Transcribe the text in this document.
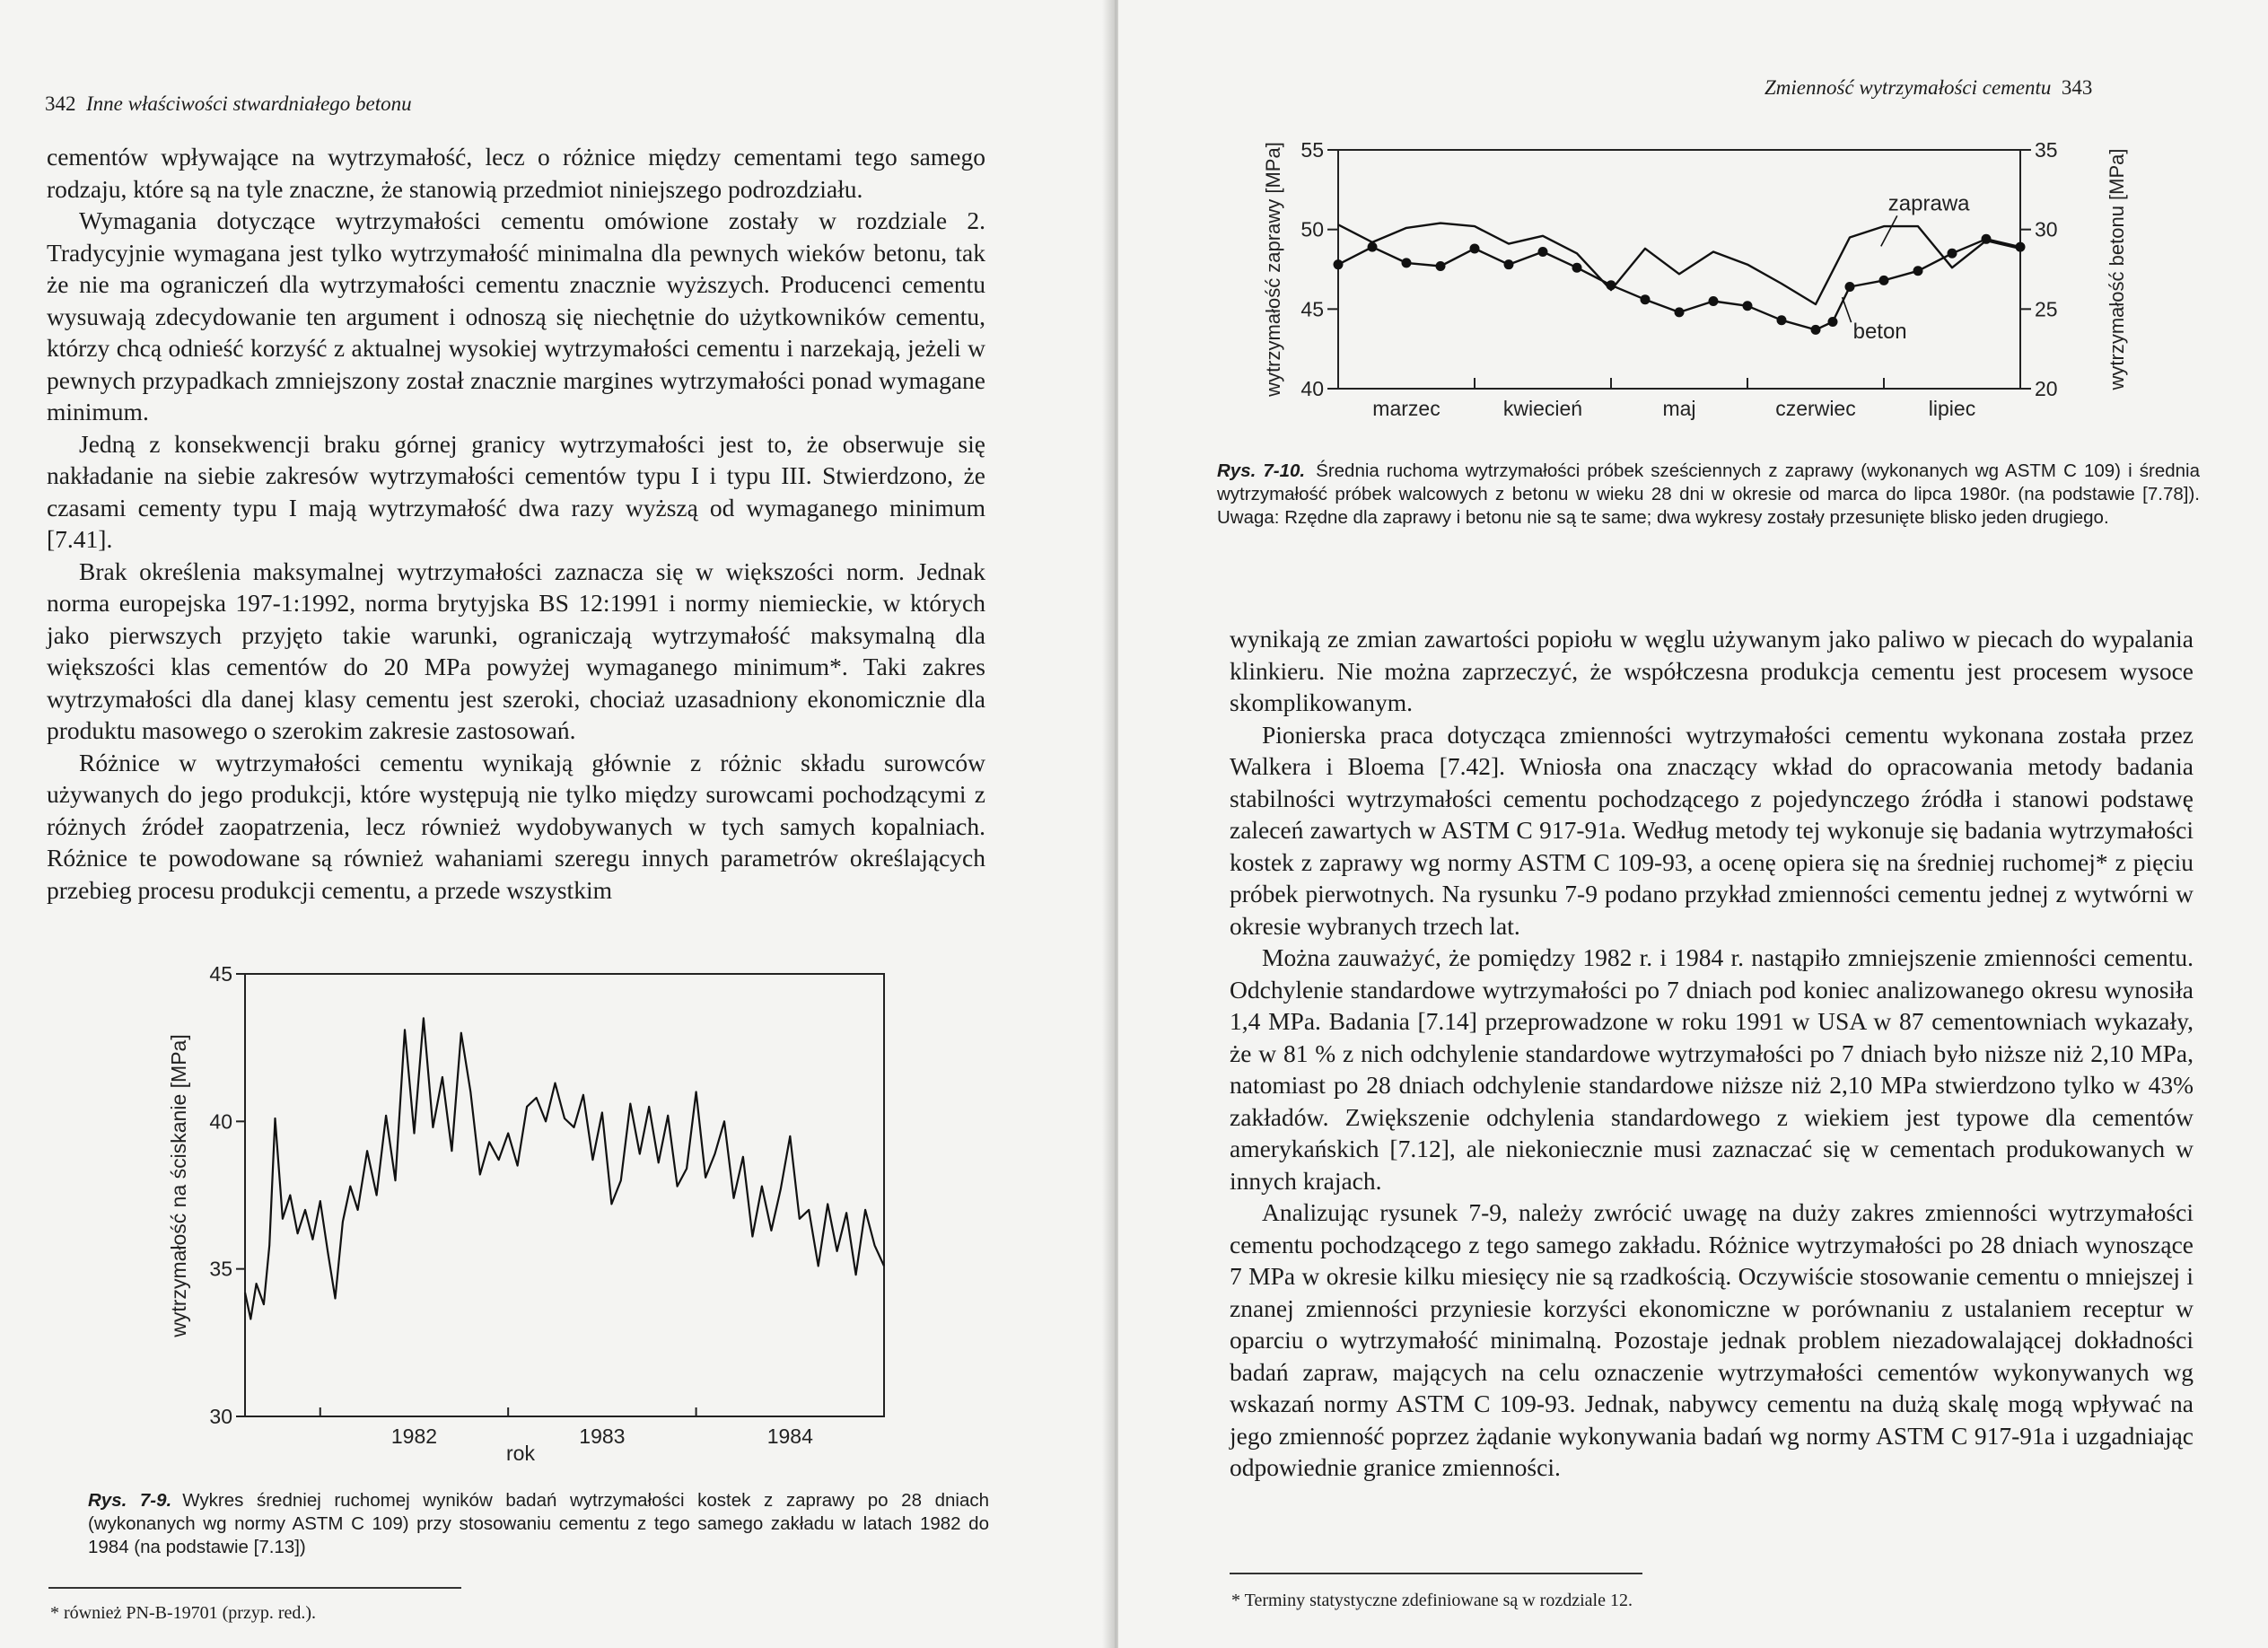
342 Inne właściwości stwardniałego betonu

cementów wpływające na wytrzymałość, lecz o różnice między cementami tego samego rodzaju, które są na tyle znaczne, że stanowią przedmiot niniejszego podrozdziału.

Wymagania dotyczące wytrzymałości cementu omówione zostały w rozdziale 2. Tradycyjnie wymagana jest tylko wytrzymałość minimalna dla pewnych wieków betonu, tak że nie ma ograniczeń dla wytrzymałości cementu znacznie wyższych. Producenci cementu wysuwają zdecydowanie ten argument i odnoszą się niechętnie do użytkowników cementu, którzy chcą odnieść korzyść z aktualnej wysokiej wytrzymałości cementu i narzekają, jeżeli w pewnych przypadkach zmniejszony został znacznie margines wytrzymałości ponad wymagane minimum.

Jedną z konsekwencji braku górnej granicy wytrzymałości jest to, że obserwuje się nakładanie na siebie zakresów wytrzymałości cementów typu I i typu III. Stwierdzono, że czasami cementy typu I mają wytrzymałość dwa razy wyższą od wymaganego minimum [7.41].

Brak określenia maksymalnej wytrzymałości zaznacza się w większości norm. Jednak norma europejska 197-1:1992, norma brytyjska BS 12:1991 i normy niemieckie, w których jako pierwszych przyjęto takie warunki, ograniczają wytrzymałość maksymalną dla większości klas cementów do 20 MPa powyżej wymaganego minimum*. Taki zakres wytrzymałości dla danej klasy cementu jest szeroki, chociaż uzasadniony ekonomicznie dla produktu masowego o szerokim zakresie zastosowań.

Różnice w wytrzymałości cementu wynikają głównie z różnic składu surowców używanych do jego produkcji, które występują nie tylko między surowcami pochodzącymi z różnych źródeł zaopatrzenia, lecz również wydobywanych w tych samych kopalniach. Różnice te powodowane są również wahaniami szeregu innych parametrów określających przebieg procesu produkcji cementu, a przede wszystkim

30
35
40
45
1982	1983	1984
wytrzymałość na ściskanie [MPa]
rok
Rys. 7-9. Wykres średniej ruchomej wyników badań wytrzymałości kostek z zaprawy po 28 dniach (wykonanych wg normy ASTM C 109) przy stosowaniu cementu z tego samego zakładu w latach 1982 do 1984 (na podstawie [7.13])
* również PN-B-19701 (przyp. red.).
Zmienność wytrzymałości cementu 343
40
45
50
55
20
25
30
35
marzec	kwiecień	maj	czerwiec	lipiec
zaprawa
beton
wytrzymałość zaprawy [MPa]	wytrzymałość betonu [MPa]
Rys. 7-10. Średnia ruchoma wytrzymałości próbek sześciennych z zaprawy (wykonanych wg ASTM C 109) i średnia wytrzymałość próbek walcowych z betonu w wieku 28 dni w okresie od marca do lipca 1980r. (na podstawie [7.78]). Uwaga: Rzędne dla zaprawy i betonu nie są te same; dwa wykresy zostały przesunięte blisko jeden drugiego.

wynikają ze zmian zawartości popiołu w węglu używanym jako paliwo w piecach do wypalania klinkieru. Nie można zaprzeczyć, że współczesna produkcja cementu jest procesem wysoce skomplikowanym.

Pionierska praca dotycząca zmienności wytrzymałości cementu wykonana została przez Walkera i Bloema [7.42]. Wniosła ona znaczący wkład do opracowania metody badania stabilności wytrzymałości cementu pochodzącego z pojedynczego źródła i stanowi podstawę zaleceń zawartych w ASTM C 917-91a. Według metody tej wykonuje się badania wytrzymałości kostek z zaprawy wg normy ASTM C 109-93, a ocenę opiera się na średniej ruchomej* z pięciu próbek pierwotnych. Na rysunku 7-9 podano przykład zmienności cementu jednej z wytwórni w okresie wybranych trzech lat.

Można zauważyć, że pomiędzy 1982 r. i 1984 r. nastąpiło zmniejszenie zmienności cementu. Odchylenie standardowe wytrzymałości po 7 dniach pod koniec analizowanego okresu wynosiła 1,4 MPa. Badania [7.14] przeprowadzone w roku 1991 w USA w 87 cementowniach wykazały, że w 81 % z nich odchylenie standardowe wytrzymałości po 7 dniach było niższe niż 2,10 MPa, natomiast po 28 dniach odchylenie standardowe niższe niż 2,10 MPa stwierdzono tylko w 43% zakładów. Zwiększenie odchylenia standardowego z wiekiem jest typowe dla cementów amerykańskich [7.12], ale niekoniecznie musi zaznaczać się w cementach produkowanych w innych krajach.

Analizując rysunek 7-9, należy zwrócić uwagę na duży zakres zmienności wytrzymałości cementu pochodzącego z tego samego zakładu. Różnice wytrzymałości po 28 dniach wynoszące 7 MPa w okresie kilku miesięcy nie są rzadkością. Oczywiście stosowanie cementu o mniejszej i znanej zmienności przyniesie korzyści ekonomiczne w porównaniu z ustalaniem receptur w oparciu o wytrzymałość minimalną. Pozostaje jednak problem niezadowalającej dokładności badań zapraw, mających na celu oznaczenie wytrzymałości cementów wykonywanych wg wskazań normy ASTM C 109-93. Jednak, nabywcy cementu na dużą skalę mogą wpływać na jego zmienność poprzez żądanie wykonywania badań wg normy ASTM C 917-91a i uzgadniając odpowiednie granice zmienności.

* Terminy statystyczne zdefiniowane są w rozdziale 12.
